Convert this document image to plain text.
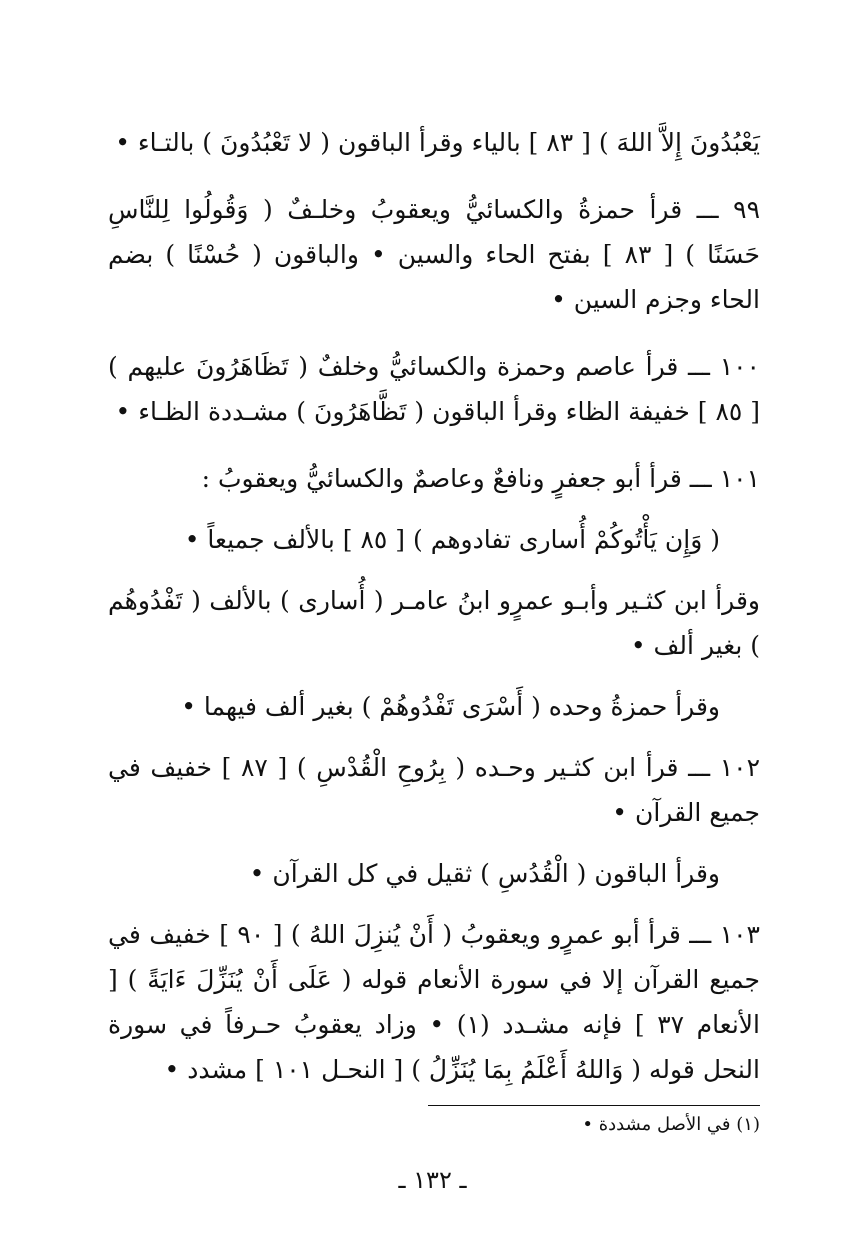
يَعْبُدُونَ إِلاَّ اللهَ ) [ ٨٣ ] بالياء وقرأ الباقون ( لا تَعْبُدُونَ ) بالتـاء •

٩٩ ـــ قرأ حمزةُ والكسائيُّ ويعقوبُ وخلـفٌ ( وَقُولُوا لِلنَّاسِ حَسَنًا ) [ ٨٣ ] بفتح الحاء والسين • والباقون ( حُسْنًا ) بضم الحاء وجزم السين •

١٠٠ ـــ قرأ عاصم وحمزة والكسائيُّ وخلفٌ ( تَظَاهَرُونَ عليهم ) [ ٨٥ ] خفيفة الظاء وقرأ الباقون ( تَظَّاهَرُونَ ) مشـددة الظـاء •

١٠١ ـــ قرأ أبو جعفرٍ ونافعٌ وعاصمٌ والكسائيُّ ويعقوبُ :

( وَإِن يَأْتُوكُمْ أُسارى تفادوهم ) [ ٨٥ ] بالألف جميعاً •

وقرأ ابن كثـير وأبـو عمرٍو ابنُ عامـر ( أُسارى ) بالألف ( تَفْدُوهُم ) بغير ألف •

وقرأ حمزةُ وحده ( أَسْرَى تَفْدُوهُمْ ) بغير ألف فيهما •

١٠٢ ـــ قرأ ابن كثـير وحـده ( بِرُوحِ الْقُدْسِ ) [ ٨٧ ] خفيف في جميع القرآن •

وقرأ الباقون ( الْقُدُسِ ) ثقيل في كل القرآن •

١٠٣ ـــ قرأ أبو عمرٍو ويعقوبُ ( أَنْ يُنزِلَ اللهُ ) [ ٩٠ ] خفيف في جميع القرآن إلا في سورة الأنعام قوله ( عَلَى أَنْ يُنَزِّلَ ءَايَةً ) [ الأنعام ٣٧ ] فإنه مشـدد (١) • وزاد يعقوبُ حـرفاً في سورة النحل قوله ( وَاللهُ أَعْلَمُ بِمَا يُنَزِّلُ ) [ النحـل ١٠١ ] مشدد •

(١) في الأصل مشددة •
ـ ١٣٢ ـ
